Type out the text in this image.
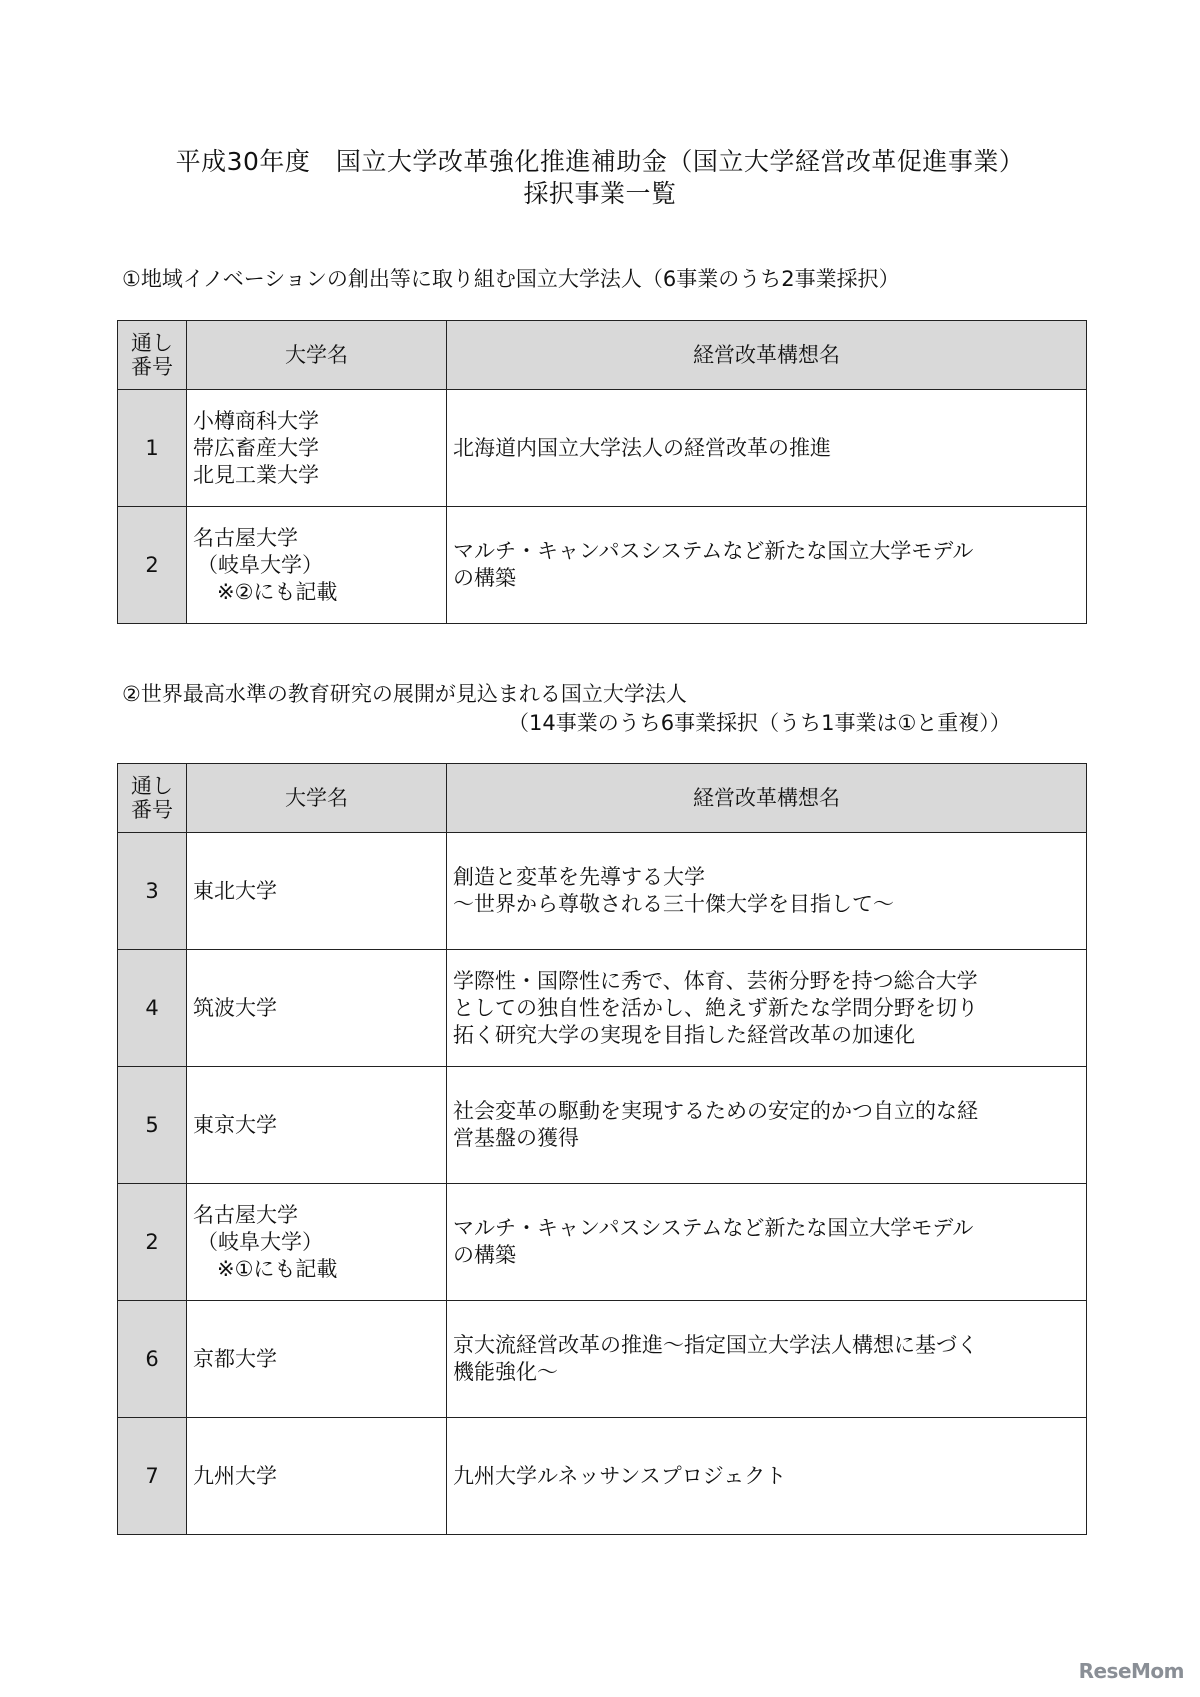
平成30年度　国立大学改革強化推進補助金（国立大学経営改革促進事業）
採択事業一覧
①地域イノベーションの創出等に取り組む国立大学法人（6事業のうち2事業採択）
通し
番号	大学名	経営改革構想名
1	小樽商科大学
帯広畜産大学
北見工業大学	北海道内国立大学法人の経営改革の推進

2	名古屋大学
（岐阜大学）
※②にも記載	マルチ・キャンパスシステムなど新たな国立大学モデル
の構築
②世界最高水準の教育研究の展開が見込まれる国立大学法人
（14事業のうち6事業採択（うち1事業は①と重複））
通し
番号	大学名	経営改革構想名
3	東北大学	創造と変革を先導する大学
～世界から尊敬される三十傑大学を目指して～

4	筑波大学	学際性・国際性に秀で、体育、芸術分野を持つ総合大学
としての独自性を活かし、絶えず新たな学問分野を切り
拓く研究大学の実現を目指した経営改革の加速化

5	東京大学	社会変革の駆動を実現するための安定的かつ自立的な経
営基盤の獲得

2	名古屋大学
（岐阜大学）
※①にも記載	マルチ・キャンパスシステムなど新たな国立大学モデル
の構築

6	京都大学	京大流経営改革の推進～指定国立大学法人構想に基づく
機能強化～

7	九州大学	九州大学ルネッサンスプロジェクト
ReseMom
